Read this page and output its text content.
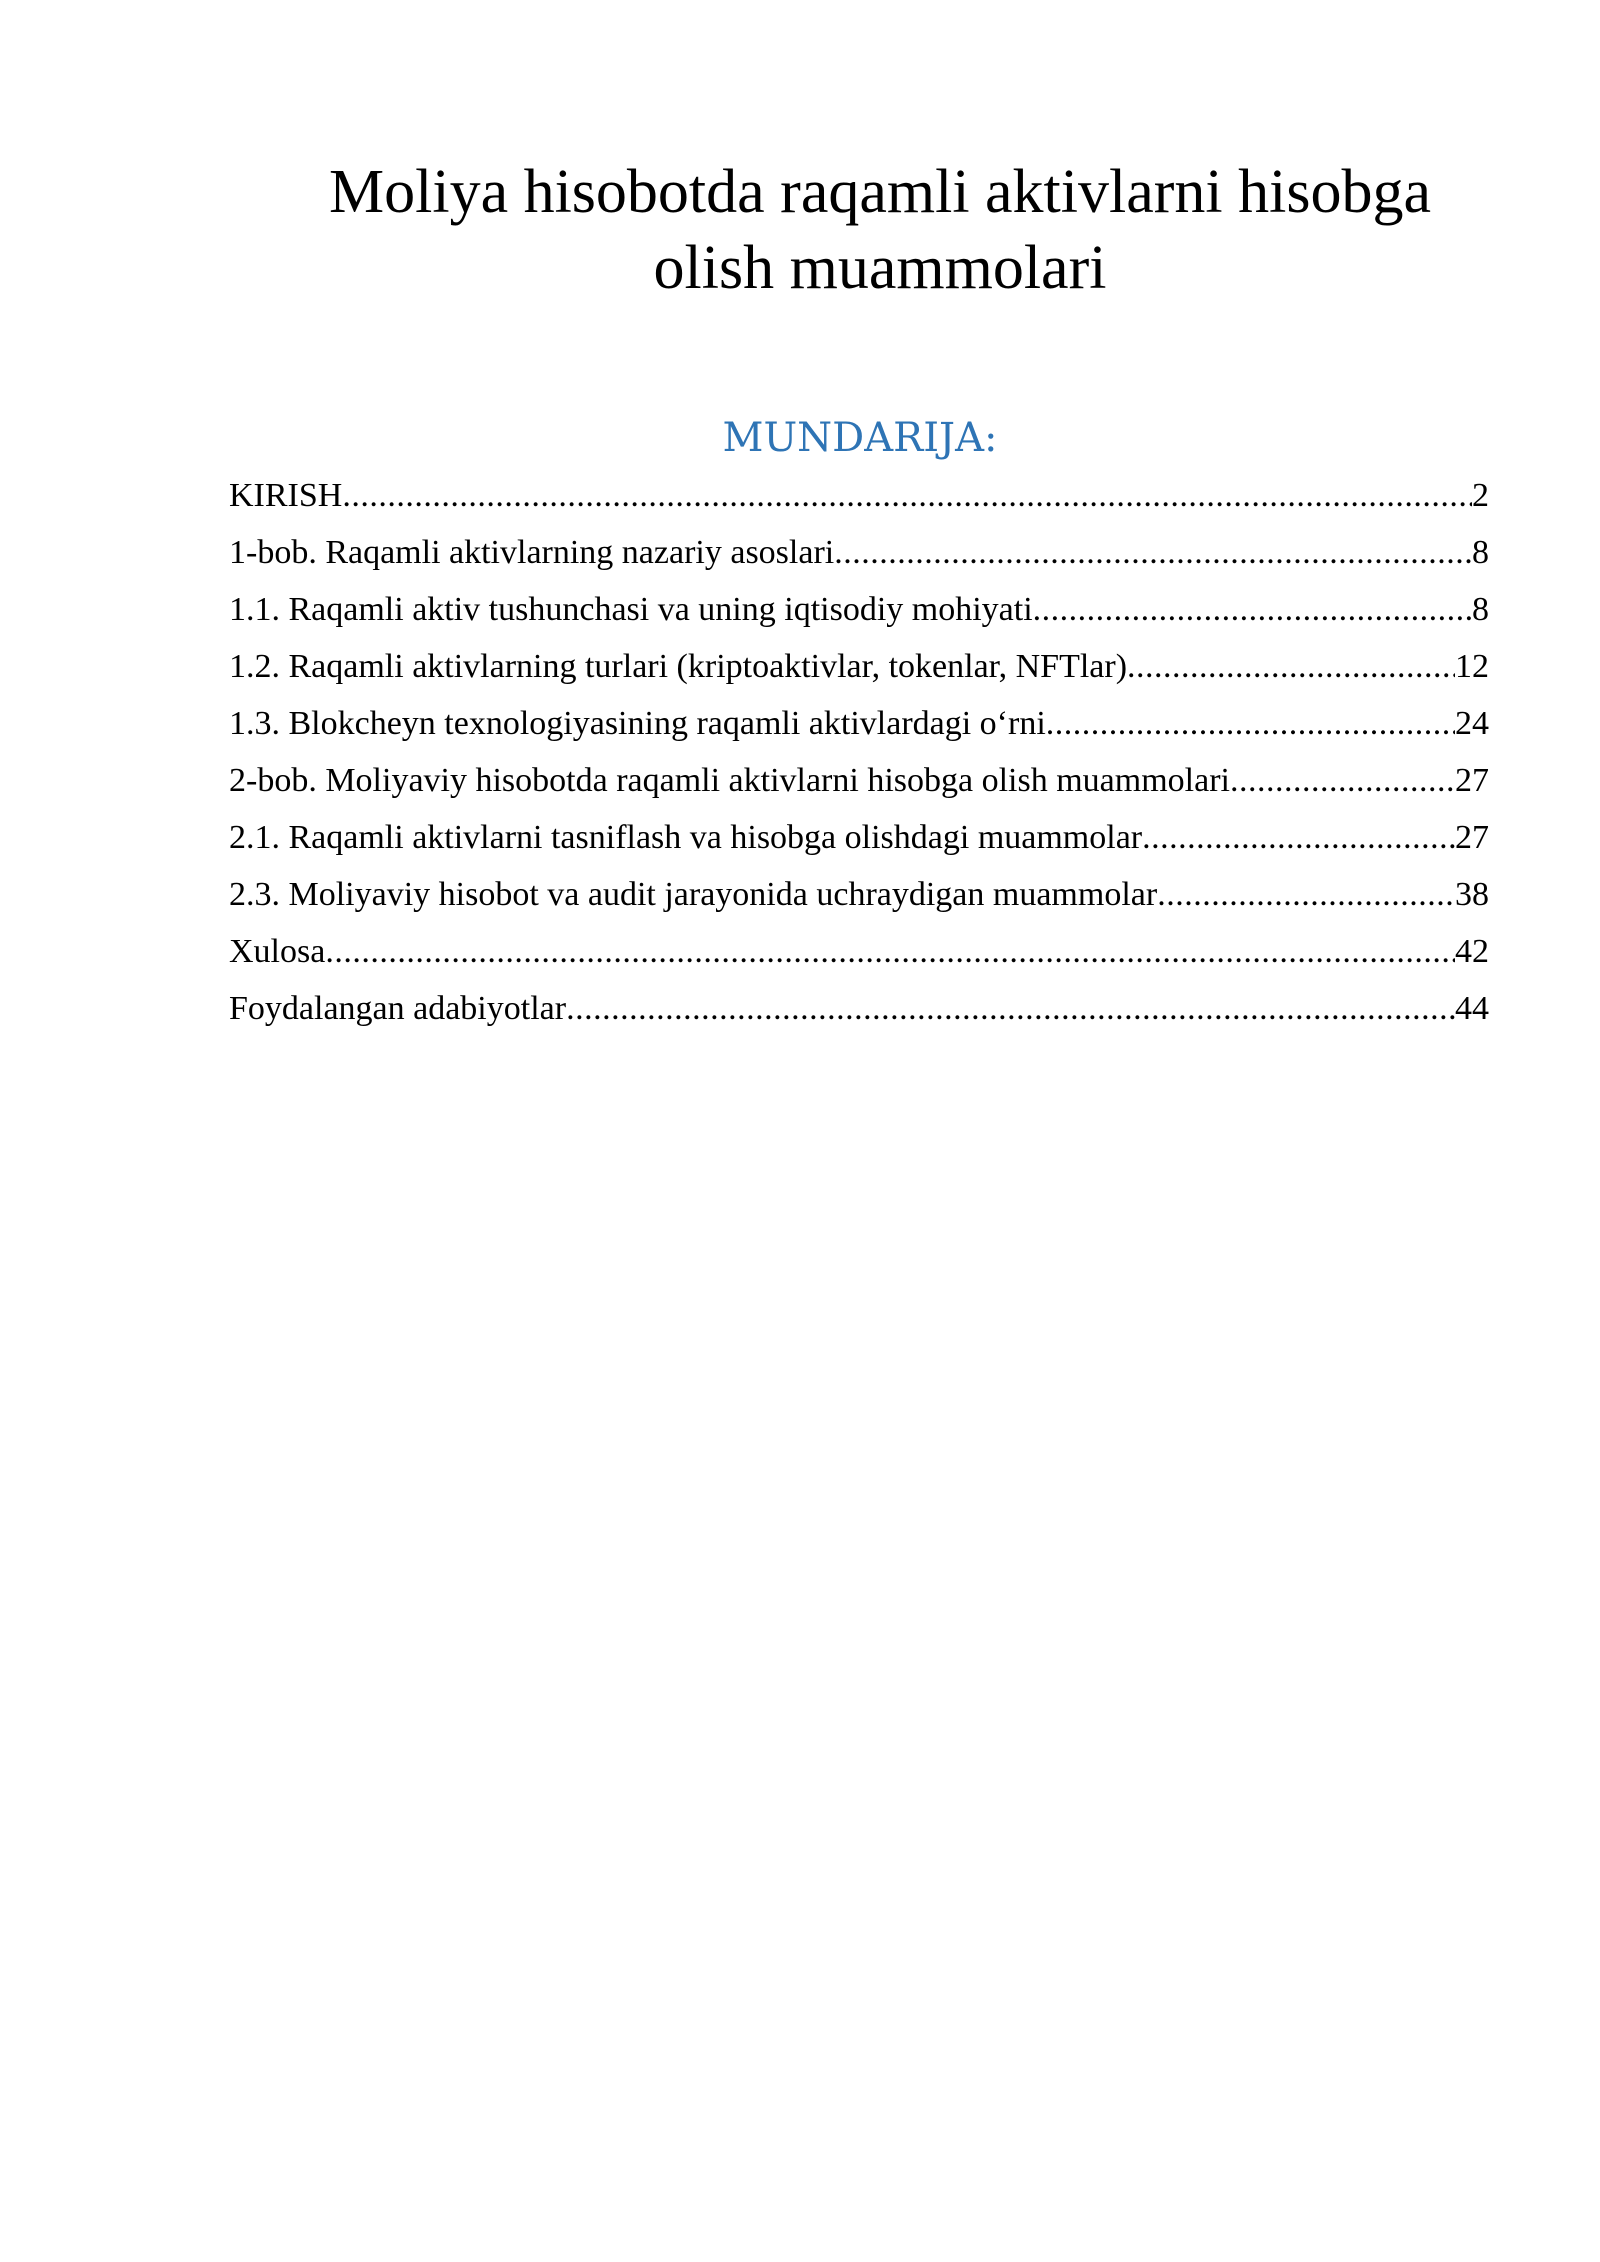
Moliya hisobotda raqamli aktivlarni hisobga
olish muammolari
MUNDARIJA:
KIRISH .....	2
1-bob. Raqamli aktivlarning nazariy asoslari .....	8
1.1. Raqamli aktiv tushunchasi va uning iqtisodiy mohiyati .....	8
1.2. Raqamli aktivlarning turlari (kriptoaktivlar, tokenlar, NFTlar) .....	12
1.3. Blokcheyn texnologiyasining raqamli aktivlardagi o‘rni .....	24
2-bob. Moliyaviy hisobotda raqamli aktivlarni hisobga olish muammolari .....	27
2.1. Raqamli aktivlarni tasniflash va hisobga olishdagi muammolar .....	27
2.3. Moliyaviy hisobot va audit jarayonida uchraydigan muammolar .....	38
Xulosa .....	42
Foydalangan adabiyotlar .....	44
